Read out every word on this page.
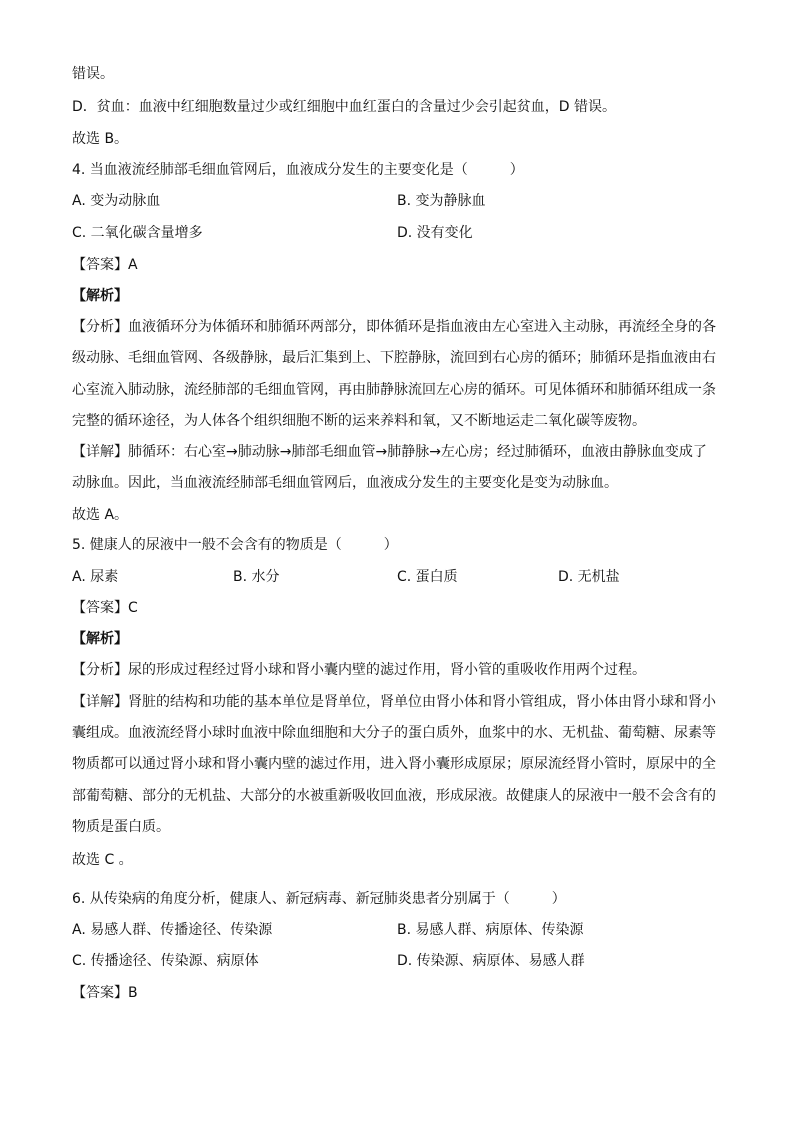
错误。
D．贫血：血液中红细胞数量过少或红细胞中血红蛋白的含量过少会引起贫血，D 错误。
故选 B。
4. 当血液流经肺部毛细血管网后，血液成分发生的主要变化是（　　　）
A. 变为动脉血	B. 变为静脉血
C. 二氧化碳含量增多	D. 没有变化
【答案】A
【解析】
【分析】血液循环分为体循环和肺循环两部分，即体循环是指血液由左心室进入主动脉，再流经全身的各
级动脉、毛细血管网、各级静脉，最后汇集到上、下腔静脉，流回到右心房的循环；肺循环是指血液由右
心室流入肺动脉，流经肺部的毛细血管网，再由肺静脉流回左心房的循环。可见体循环和肺循环组成一条
完整的循环途径，为人体各个组织细胞不断的运来养料和氧，又不断地运走二氧化碳等废物。
【详解】肺循环：右心室→肺动脉→肺部毛细血管→肺静脉→左心房；经过肺循环，血液由静脉血变成了
动脉血。因此，当血液流经肺部毛细血管网后，血液成分发生的主要变化是变为动脉血。
故选 A。
5. 健康人的尿液中一般不会含有的物质是（　　　）
A. 尿素	B. 水分	C. 蛋白质	D. 无机盐
【答案】C
【解析】
【分析】尿的形成过程经过肾小球和肾小囊内壁的滤过作用，肾小管的重吸收作用两个过程。
【详解】肾脏的结构和功能的基本单位是肾单位，肾单位由肾小体和肾小管组成，肾小体由肾小球和肾小
囊组成。血液流经肾小球时血液中除血细胞和大分子的蛋白质外，血浆中的水、无机盐、葡萄糖、尿素等
物质都可以通过肾小球和肾小囊内壁的滤过作用，进入肾小囊形成原尿；原尿流经肾小管时，原尿中的全
部葡萄糖、部分的无机盐、大部分的水被重新吸收回血液，形成尿液。故健康人的尿液中一般不会含有的
物质是蛋白质。
故选 C 。
6. 从传染病的角度分析，健康人、新冠病毒、新冠肺炎患者分别属于（　　　）
A. 易感人群、传播途径、传染源	B. 易感人群、病原体、传染源
C. 传播途径、传染源、病原体	D. 传染源、病原体、易感人群
【答案】B
